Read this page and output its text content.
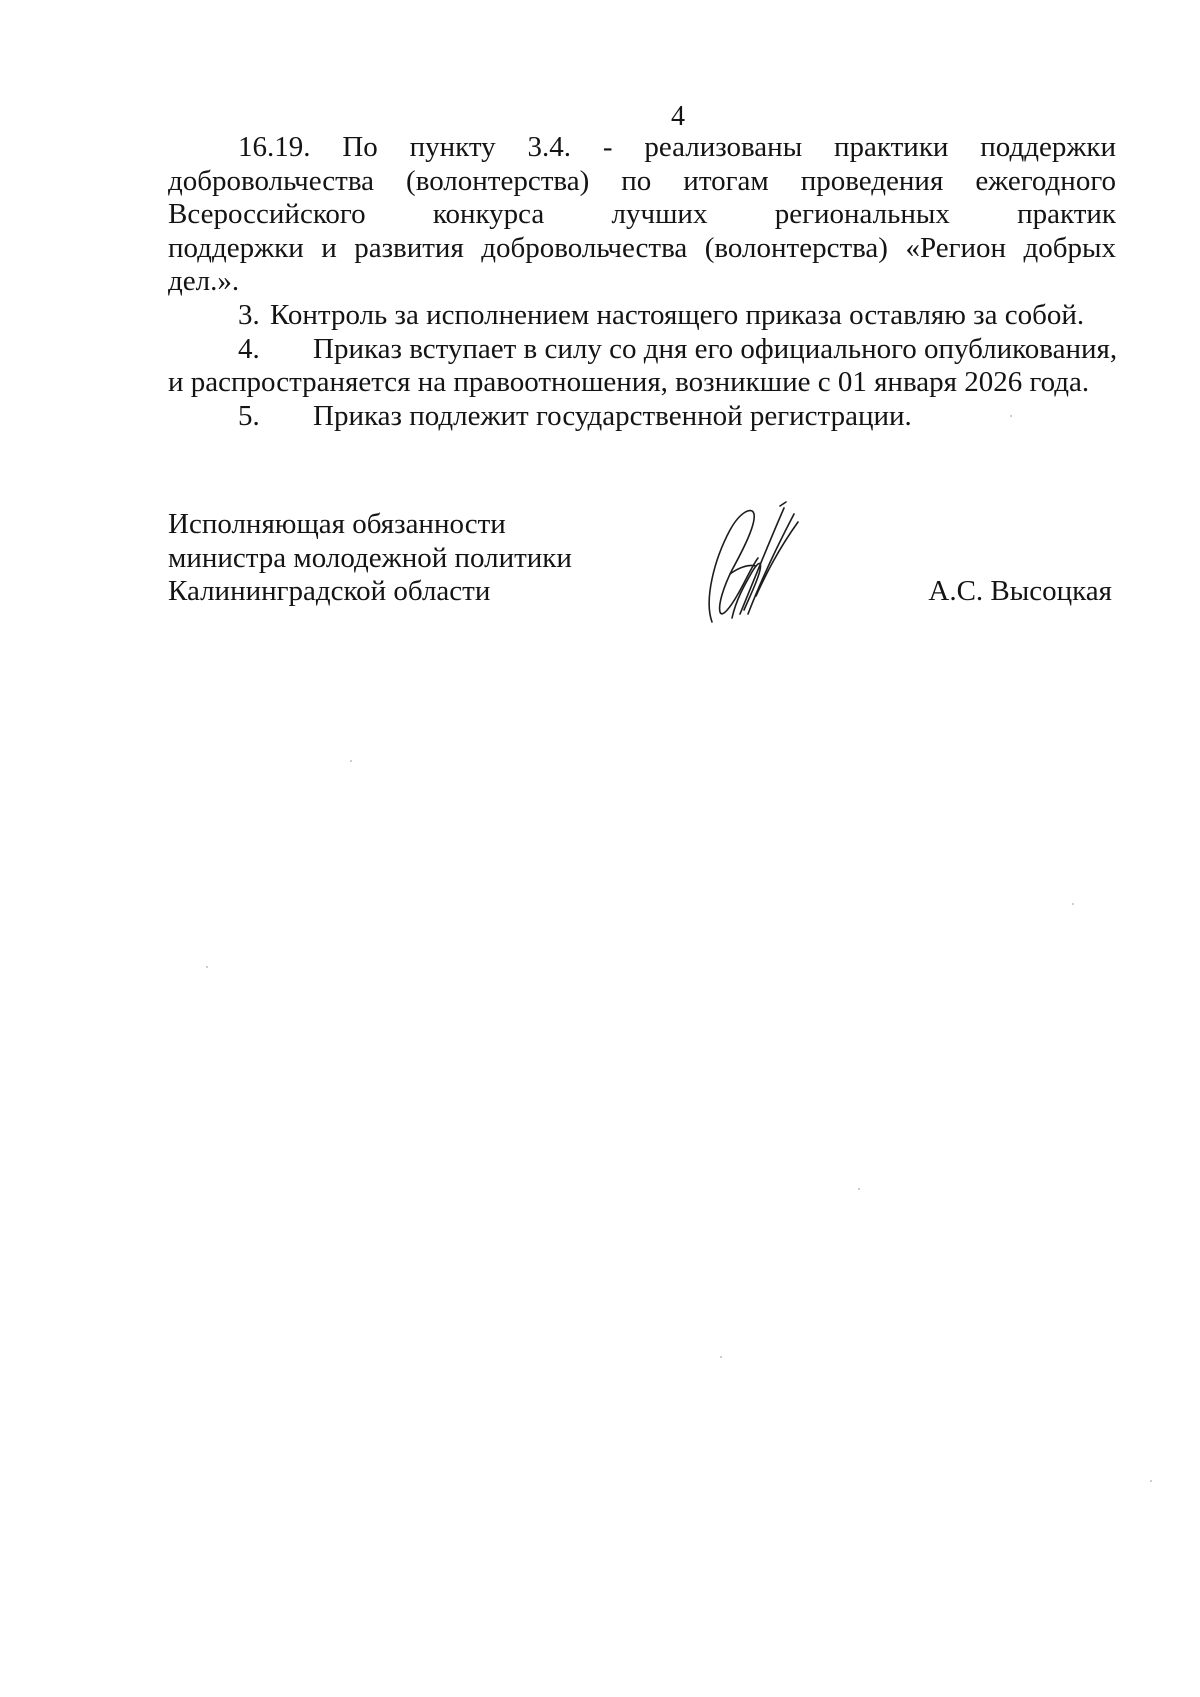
4
16.19. По пункту 3.4. - реализованы практики поддержки
добровольчества (волонтерства) по итогам проведения ежегодного
Всероссийского конкурса лучших региональных практик
поддержки и развития добровольчества (волонтерства) «Регион добрых
дел.».
3. Контроль за исполнением настоящего приказа оставляю за собой.
4. Приказ вступает в силу со дня его официального опубликования,
и распространяется на правоотношения, возникшие с 01 января 2026 года.
5. Приказ подлежит государственной регистрации.
Исполняющая обязанности
министра молодежной политики
Калининградской области	А.С. Высоцкая
